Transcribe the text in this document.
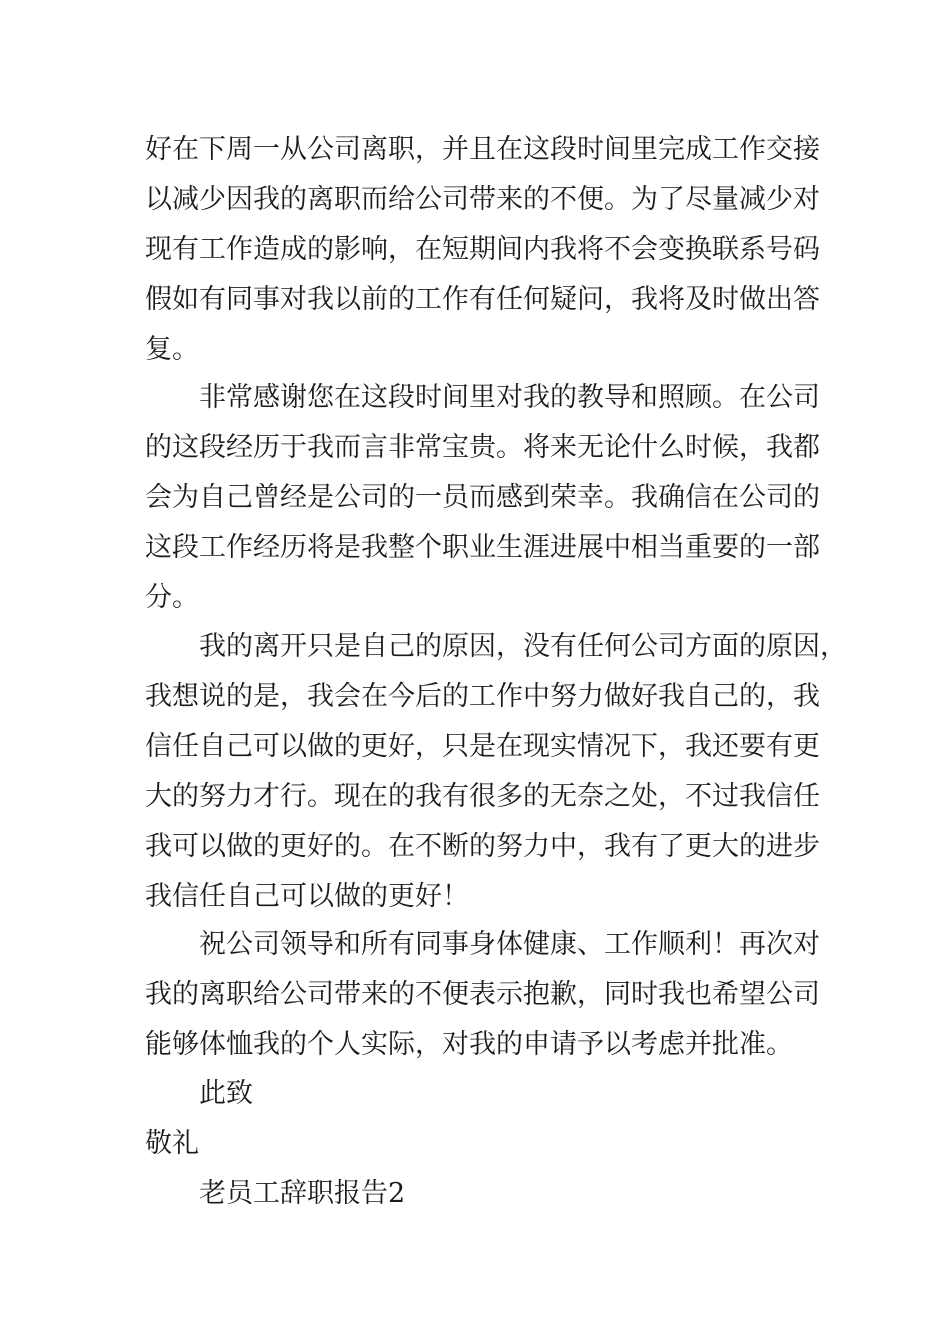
好在下周一从公司离职，并且在这段时间里完成工作交接
以减少因我的离职而给公司带来的不便。为了尽量减少对
现有工作造成的影响，在短期间内我将不会变换联系号码
假如有同事对我以前的工作有任何疑问，我将及时做出答
复。
非常感谢您在这段时间里对我的教导和照顾。在公司
的这段经历于我而言非常宝贵。将来无论什么时候，我都
会为自己曾经是公司的一员而感到荣幸。我确信在公司的
这段工作经历将是我整个职业生涯进展中相当重要的一部
分。
我的离开只是自己的原因，没有任何公司方面的原因，
我想说的是，我会在今后的工作中努力做好我自己的，我
信任自己可以做的更好，只是在现实情况下，我还要有更
大的努力才行。现在的我有很多的无奈之处，不过我信任
我可以做的更好的。在不断的努力中，我有了更大的进步
我信任自己可以做的更好！
祝公司领导和所有同事身体健康、工作顺利！再次对
我的离职给公司带来的不便表示抱歉，同时我也希望公司
能够体恤我的个人实际，对我的申请予以考虑并批准。
此致
敬礼
老员工辞职报告2
